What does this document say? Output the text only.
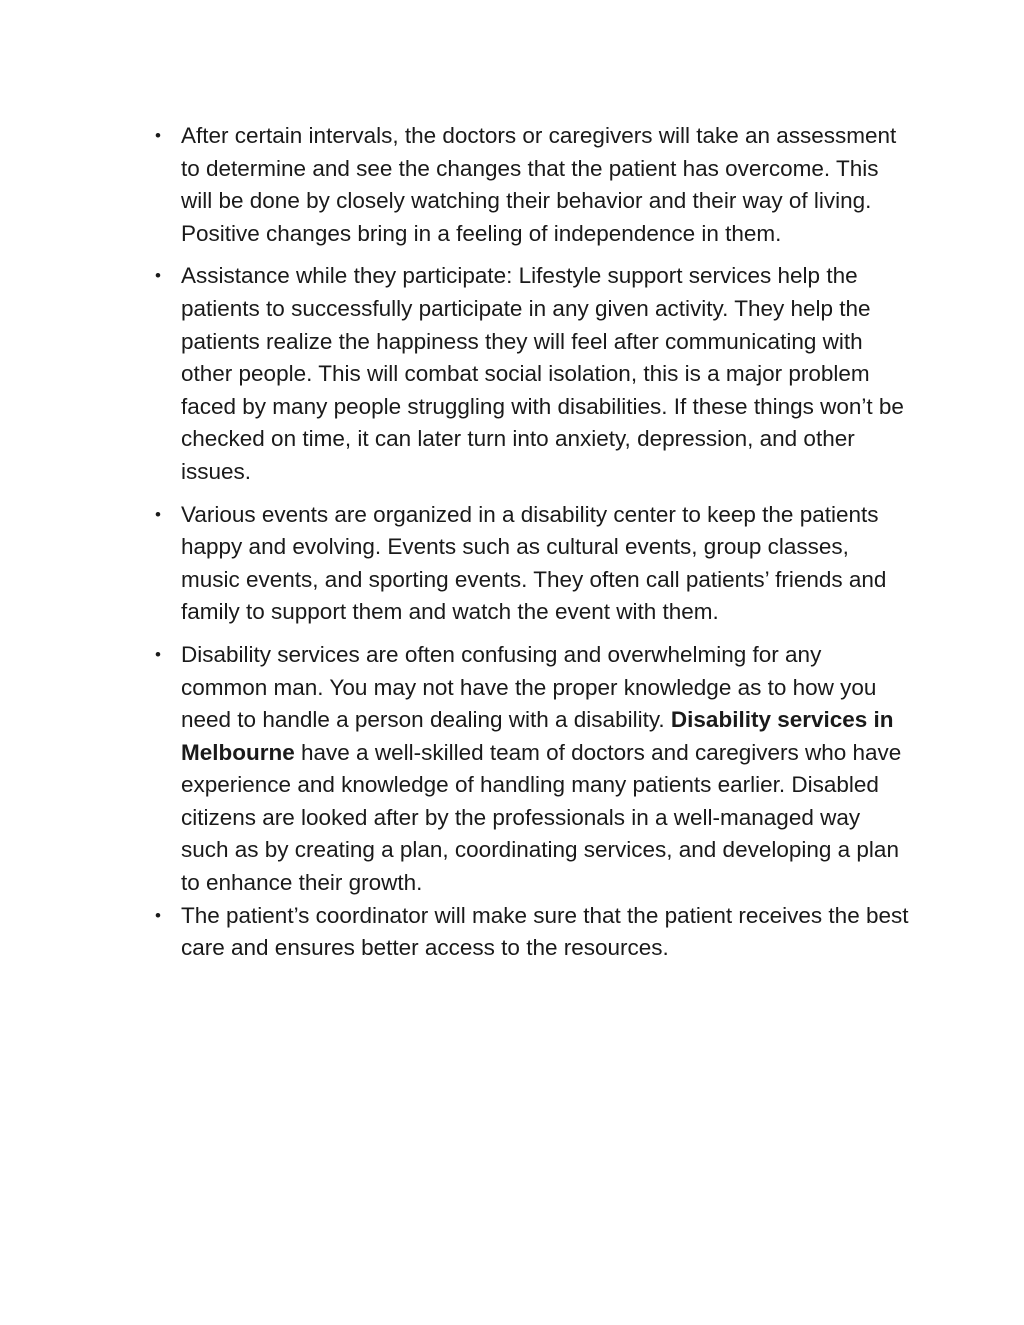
• After certain intervals, the doctors or caregivers will take an assessment to determine and see the changes that the patient has overcome. This will be done by closely watching their behavior and their way of living. Positive changes bring in a feeling of independence in them.
• Assistance while they participate: Lifestyle support services help the patients to successfully participate in any given activity. They help the patients realize the happiness they will feel after communicating with other people. This will combat social isolation, this is a major problem faced by many people struggling with disabilities. If these things won’t be checked on time, it can later turn into anxiety, depression, and other issues.
• Various events are organized in a disability center to keep the patients happy and evolving. Events such as cultural events, group classes, music events, and sporting events. They often call patients’ friends and family to support them and watch the event with them.
• Disability services are often confusing and overwhelming for any common man. You may not have the proper knowledge as to how you need to handle a person dealing with a disability. Disability services in Melbourne have a well-skilled team of doctors and caregivers who have experience and knowledge of handling many patients earlier. Disabled citizens are looked after by the professionals in a well-managed way such as by creating a plan, coordinating services, and developing a plan to enhance their growth.
• The patient’s coordinator will make sure that the patient receives the best care and ensures better access to the resources.
